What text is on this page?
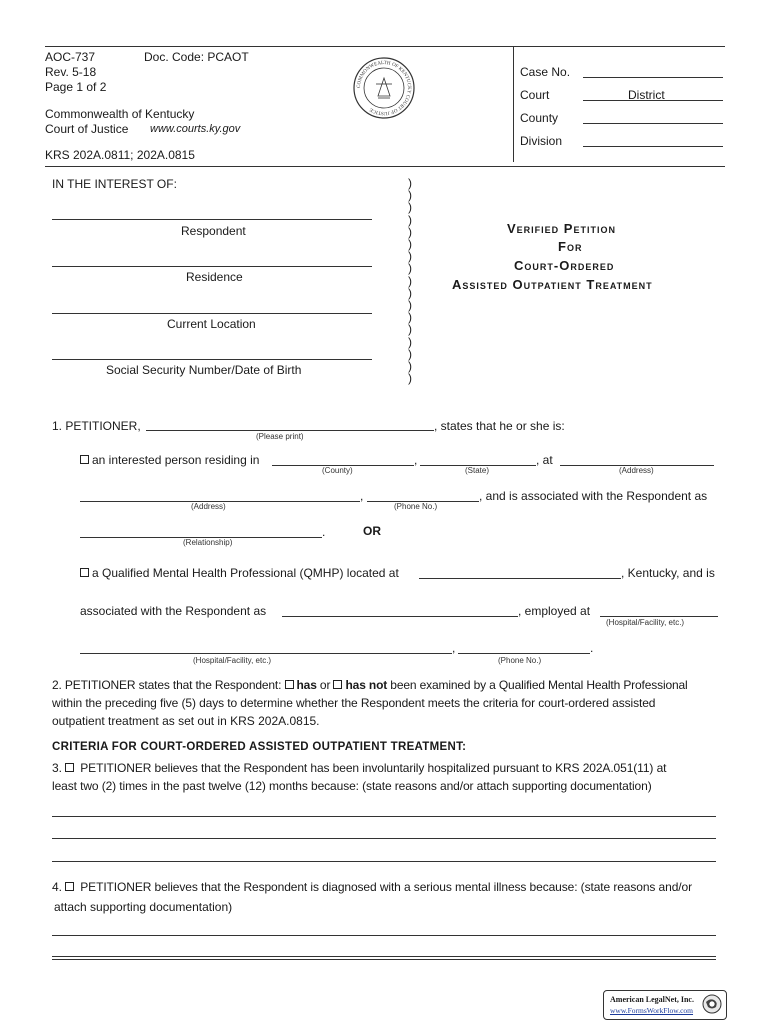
AOC-737	Doc. Code: PCAOT
Rev. 5-18
Page 1 of 2
Commonwealth of Kentucky
Court of Justice www.courts.ky.gov
KRS 202A.0811; 202A.0815
COMMONWEALTH OF KENTUCKY COURT OF JUSTICE
Case No.
Court	District
County
Division
IN THE INTEREST OF:
Respondent
Residence
Current Location
Social Security Number/Date of Birth
)
)
)
)
)
)
)
)
)
)
)
)
)
)
)
)
)
Verified Petition
For
Court-Ordered
Assisted Outpatient Treatment
1. PETITIONER,	, states that he or she is:
(Please print)
an interested person residing in	,	, at
(County)	(State)	(Address)
,	, and is associated with the Respondent as
(Address)	(Phone No.)
.	OR
(Relationship)
a Qualified Mental Health Professional (QMHP) located at	, Kentucky, and is
associated with the Respondent as	, employed at
(Hospital/Facility, etc.)
,	.
(Hospital/Facility, etc.)	(Phone No.)
2. PETITIONER states that the Respondent: has or has not been examined by a Qualified Mental Health Professional
within the preceding five (5) days to determine whether the Respondent meets the criteria for court-ordered assisted
outpatient treatment as set out in KRS 202A.0815.
CRITERIA FOR COURT-ORDERED ASSISTED OUTPATIENT TREATMENT:
3. PETITIONER believes that the Respondent has been involuntarily hospitalized pursuant to KRS 202A.051(11) at
least two (2) times in the past twelve (12) months because: (state reasons and/or attach supporting documentation)
4. PETITIONER believes that the Respondent is diagnosed with a serious mental illness because: (state reasons and/or
attach supporting documentation)
American LegalNet, Inc.
www.FormsWorkFlow.com
